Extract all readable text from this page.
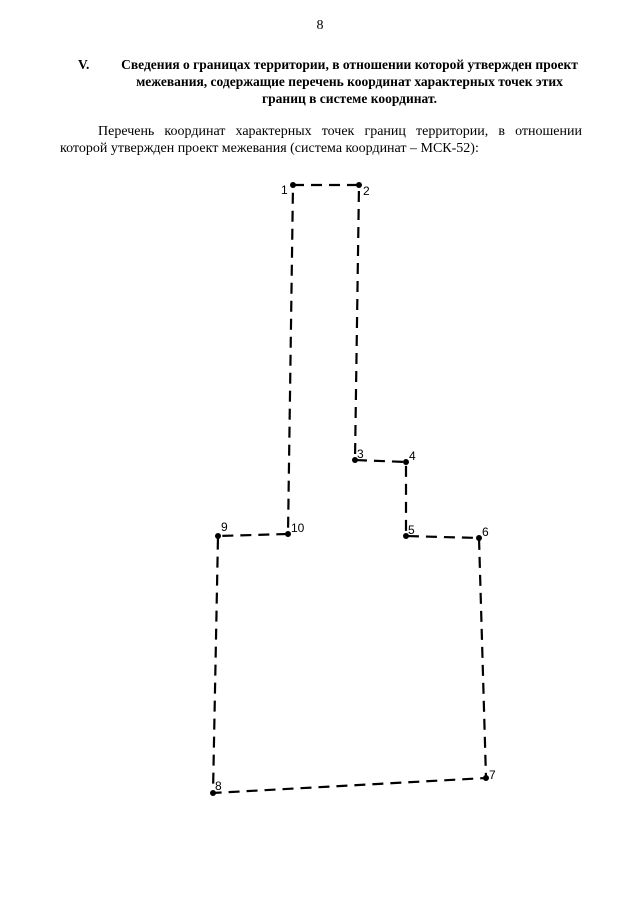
8
V.	Сведения о границах территории, в отношении которой утвержден проект межевания, содержащие перечень координат характерных точек этих границ в системе координат.
Перечень координат характерных точек границ территории, в отношении которой утвержден проект межевания (система координат – МСК-52):
1	2
3	4
5	6
7
8
9	10
